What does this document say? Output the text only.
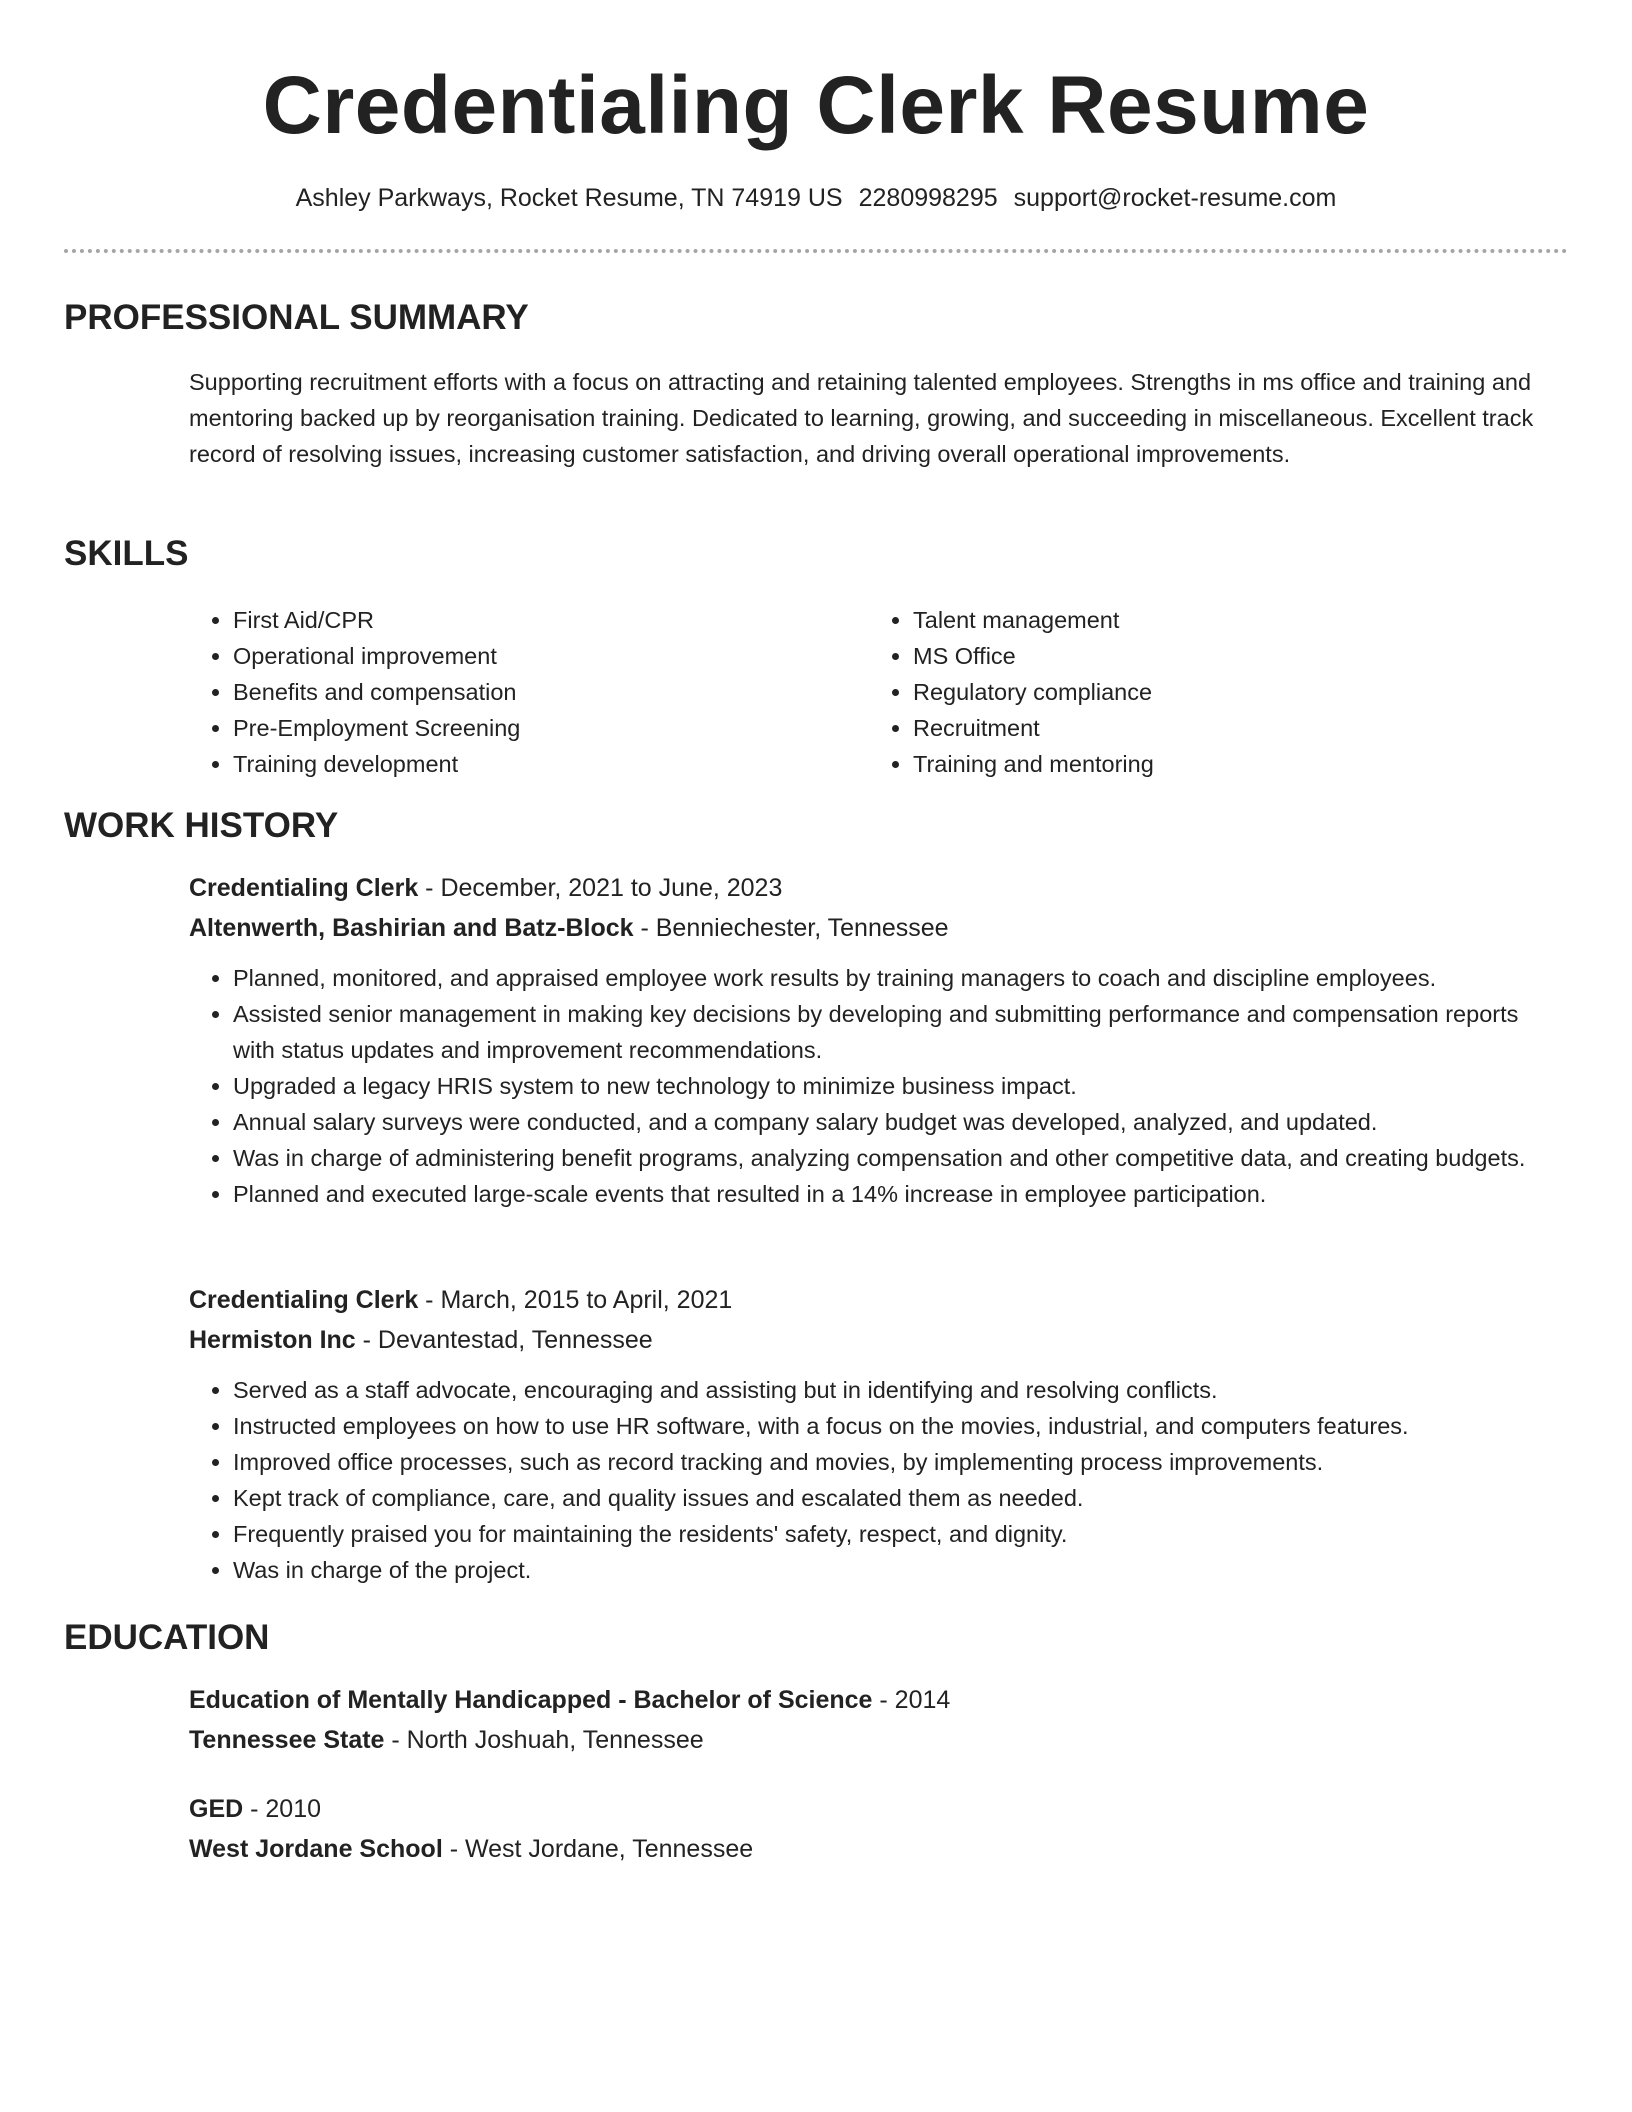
Credentialing Clerk Resume
Ashley Parkways, Rocket Resume, TN 74919 US 2280998295 support@rocket-resume.com
PROFESSIONAL SUMMARY

Supporting recruitment efforts with a focus on attracting and retaining talented employees. Strengths in ms office and training and mentoring backed up by reorganisation training. Dedicated to learning, growing, and succeeding in miscellaneous. Excellent track record of resolving issues, increasing customer satisfaction, and driving overall operational improvements.

SKILLS
• First Aid/CPR
• Operational improvement
• Benefits and compensation
• Pre-Employment Screening
• Training development
• Talent management
• MS Office
• Regulatory compliance
• Recruitment
• Training and mentoring
WORK HISTORY

Credentialing Clerk - December, 2021 to June, 2023

Altenwerth, Bashirian and Batz-Block - Benniechester, Tennessee

• Planned, monitored, and appraised employee work results by training managers to coach and discipline employees.
• Assisted senior management in making key decisions by developing and submitting performance and compensation reports with status updates and improvement recommendations.
• Upgraded a legacy HRIS system to new technology to minimize business impact.
• Annual salary surveys were conducted, and a company salary budget was developed, analyzed, and updated.
• Was in charge of administering benefit programs, analyzing compensation and other competitive data, and creating budgets.
• Planned and executed large-scale events that resulted in a 14% increase in employee participation.

Credentialing Clerk - March, 2015 to April, 2021

Hermiston Inc - Devantestad, Tennessee

• Served as a staff advocate, encouraging and assisting but in identifying and resolving conflicts.
• Instructed employees on how to use HR software, with a focus on the movies, industrial, and computers features.
• Improved office processes, such as record tracking and movies, by implementing process improvements.
• Kept track of compliance, care, and quality issues and escalated them as needed.
• Frequently praised you for maintaining the residents' safety, respect, and dignity.
• Was in charge of the project.
EDUCATION

Education of Mentally Handicapped - Bachelor of Science - 2014

Tennessee State - North Joshuah, Tennessee

GED - 2010

West Jordane School - West Jordane, Tennessee
